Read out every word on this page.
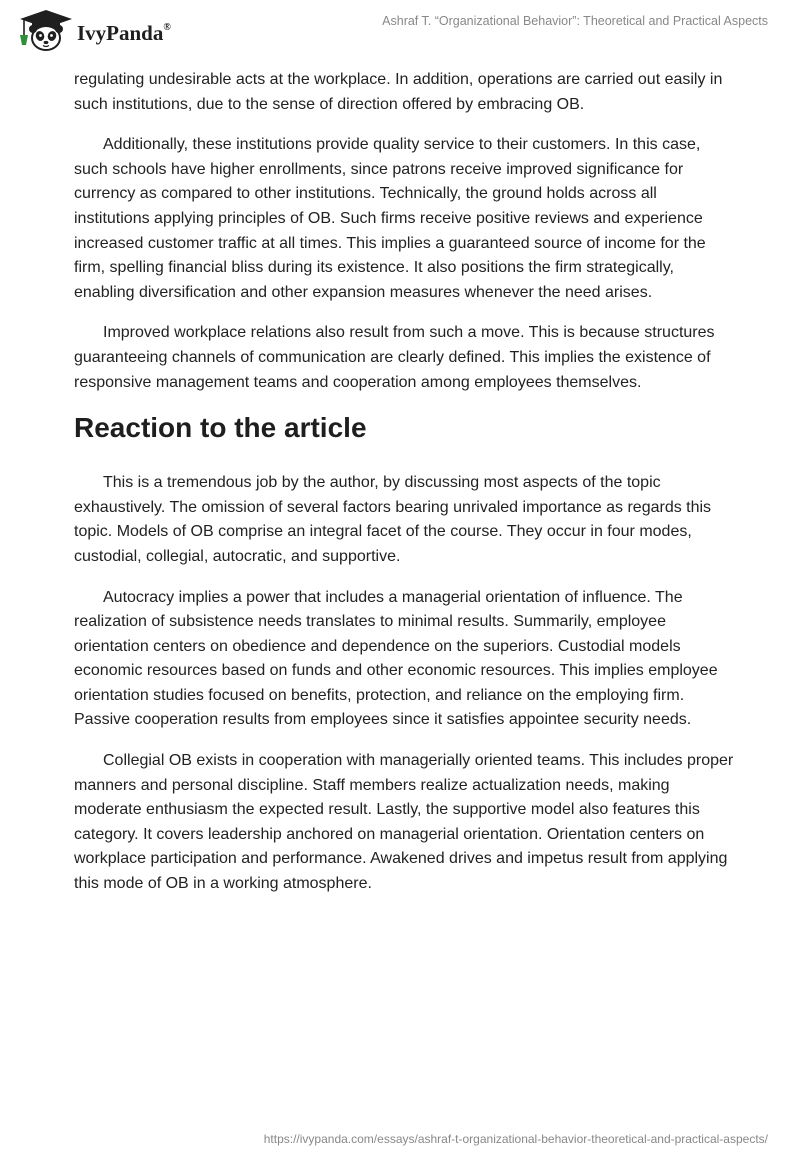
IvyPanda®	Ashraf T. “Organizational Behavior”: Theoretical and Practical Aspects

regulating undesirable acts at the workplace. In addition, operations are carried out easily in such institutions, due to the sense of direction offered by embracing OB.

Additionally, these institutions provide quality service to their customers. In this case, such schools have higher enrollments, since patrons receive improved significance for currency as compared to other institutions. Technically, the ground holds across all institutions applying principles of OB. Such firms receive positive reviews and experience increased customer traffic at all times. This implies a guaranteed source of income for the firm, spelling financial bliss during its existence. It also positions the firm strategically, enabling diversification and other expansion measures whenever the need arises.

Improved workplace relations also result from such a move. This is because structures guaranteeing channels of communication are clearly defined. This implies the existence of responsive management teams and cooperation among employees themselves.

Reaction to the article

This is a tremendous job by the author, by discussing most aspects of the topic exhaustively. The omission of several factors bearing unrivaled importance as regards this topic. Models of OB comprise an integral facet of the course. They occur in four modes, custodial, collegial, autocratic, and supportive.

Autocracy implies a power that includes a managerial orientation of influence. The realization of subsistence needs translates to minimal results. Summarily, employee orientation centers on obedience and dependence on the superiors. Custodial models economic resources based on funds and other economic resources. This implies employee orientation studies focused on benefits, protection, and reliance on the employing firm. Passive cooperation results from employees since it satisfies appointee security needs.

Collegial OB exists in cooperation with managerially oriented teams. This includes proper manners and personal discipline. Staff members realize actualization needs, making moderate enthusiasm the expected result. Lastly, the supportive model also features this category. It covers leadership anchored on managerial orientation. Orientation centers on workplace participation and performance. Awakened drives and impetus result from applying this mode of OB in a working atmosphere.

https://ivypanda.com/essays/ashraf-t-organizational-behavior-theoretical-and-practical-aspects/
